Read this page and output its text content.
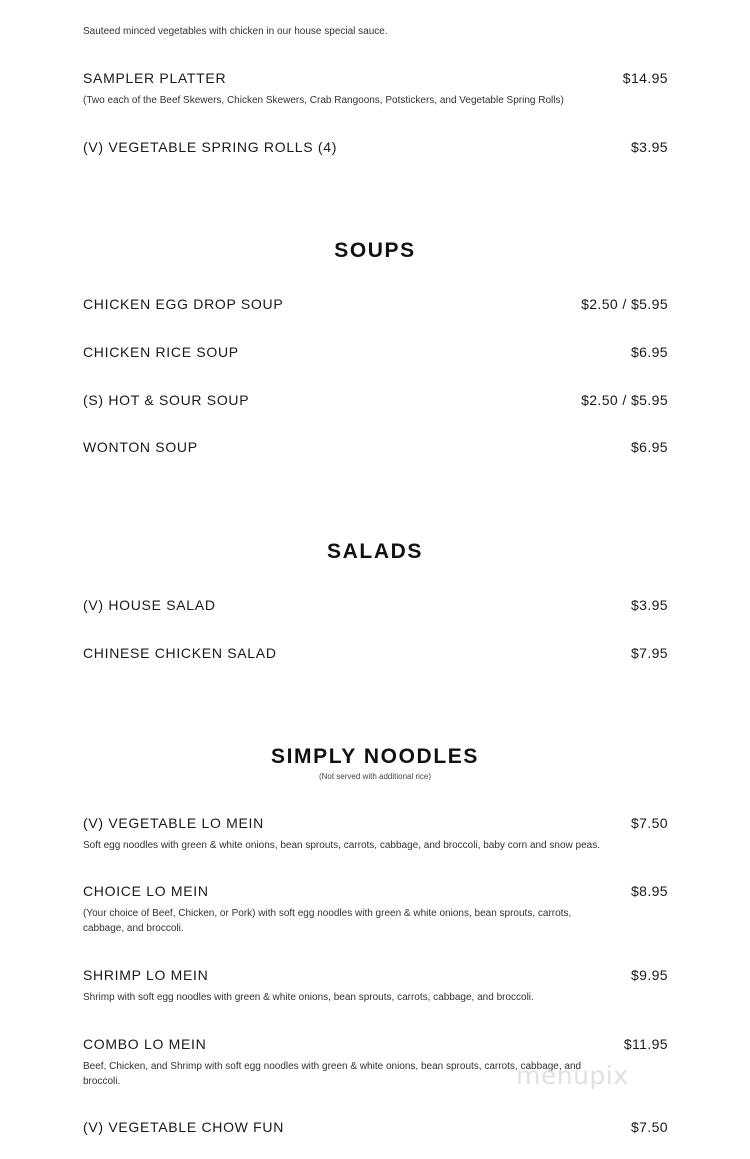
Sauteed minced vegetables with chicken in our house special sauce.
SAMPLER PLATTER	$14.95
(Two each of the Beef Skewers, Chicken Skewers, Crab Rangoons, Potstickers, and Vegetable Spring Rolls)
(V) VEGETABLE SPRING ROLLS (4)	$3.95
SOUPS
CHICKEN EGG DROP SOUP	$2.50 / $5.95
CHICKEN RICE SOUP	$6.95
(S) HOT & SOUR SOUP	$2.50 / $5.95
WONTON SOUP	$6.95
SALADS
(V) HOUSE SALAD	$3.95
CHINESE CHICKEN SALAD	$7.95
SIMPLY NOODLES
(Not served with additional rice)
(V) VEGETABLE LO MEIN	$7.50
Soft egg noodles with green & white onions, bean sprouts, carrots, cabbage, and broccoli, baby corn and snow peas.
CHOICE LO MEIN	$8.95
(Your choice of Beef, Chicken, or Pork) with soft egg noodles with green & white onions, bean sprouts, carrots, cabbage, and broccoli.
SHRIMP LO MEIN	$9.95
Shrimp with soft egg noodles with green & white onions, bean sprouts, carrots, cabbage, and broccoli.
COMBO LO MEIN	$11.95
Beef, Chicken, and Shrimp with soft egg noodles with green & white onions, bean sprouts, carrots, cabbage, and broccoli.
(V) VEGETABLE CHOW FUN	$7.50
menupix
